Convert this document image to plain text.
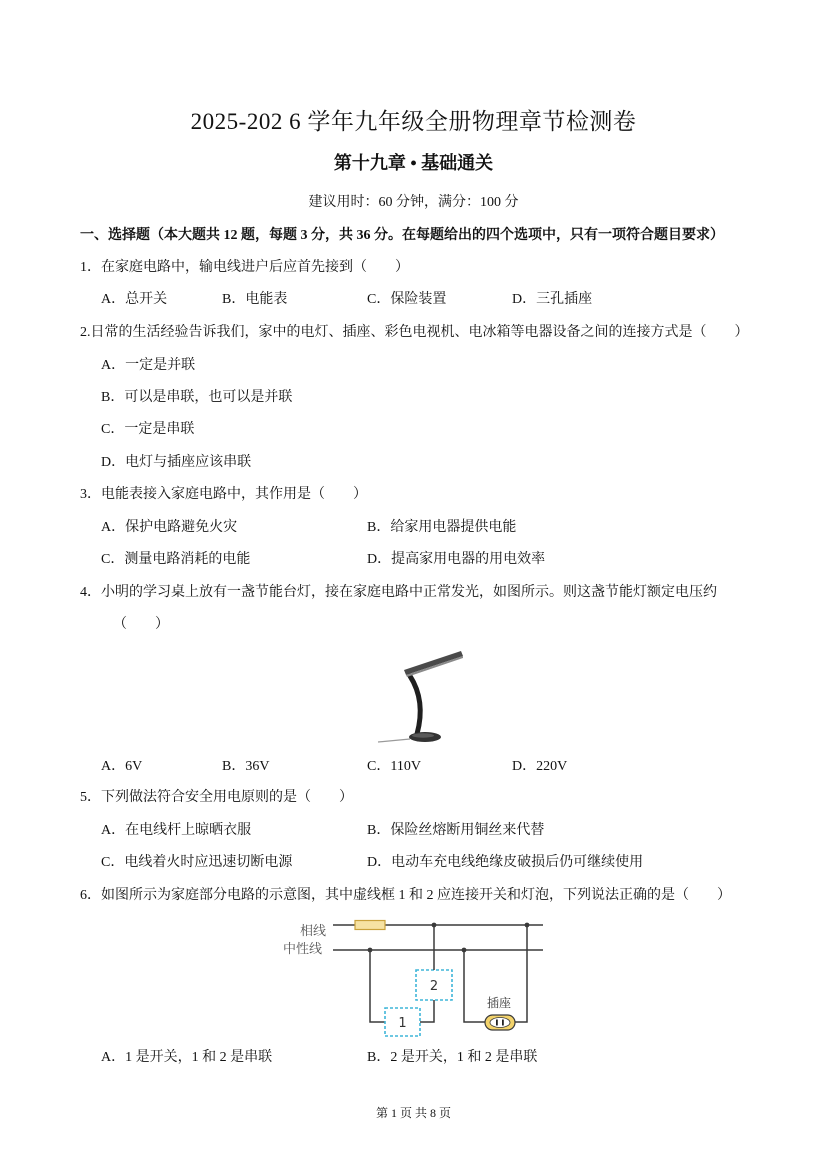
2025-202 6 学年九年级全册物理章节检测卷
第十九章 • 基础通关
建议用时：60 分钟，满分：100 分
一、选择题（本大题共 12 题，每题 3 分，共 36 分。在每题给出的四个选项中，只有一项符合题目要求）
1．在家庭电路中，输电线进户后应首先接到（　　）
A．总开关	B．电能表	C．保险装置	D．三孔插座
2.日常的生活经验告诉我们，家中的电灯、插座、彩色电视机、电冰箱等电器设备之间的连接方式是（　　）
A．一定是并联
B．可以是串联，也可以是并联
C．一定是串联
D．电灯与插座应该串联
3．电能表接入家庭电路中，其作用是（　　）
A．保护电路避免火灾	B．给家用电器提供电能
C．测量电路消耗的电能	D．提高家用电器的用电效率
4．小明的学习桌上放有一盏节能台灯，接在家庭电路中正常发光，如图所示。则这盏节能灯额定电压约
（　　）
A．6V	B．36V	C．110V	D．220V
5．下列做法符合安全用电原则的是（　　）
A．在电线杆上晾晒衣服	B．保险丝熔断用铜丝来代替
C．电线着火时应迅速切断电源	D．电动车充电线绝缘皮破损后仍可继续使用
6．如图所示为家庭部分电路的示意图，其中虚线框 1 和 2 应连接开关和灯泡，下列说法正确的是（　　）
相线
中性线
1
2
插座
A．1 是开关，1 和 2 是串联	B．2 是开关，1 和 2 是串联
第 1 页 共 8 页
